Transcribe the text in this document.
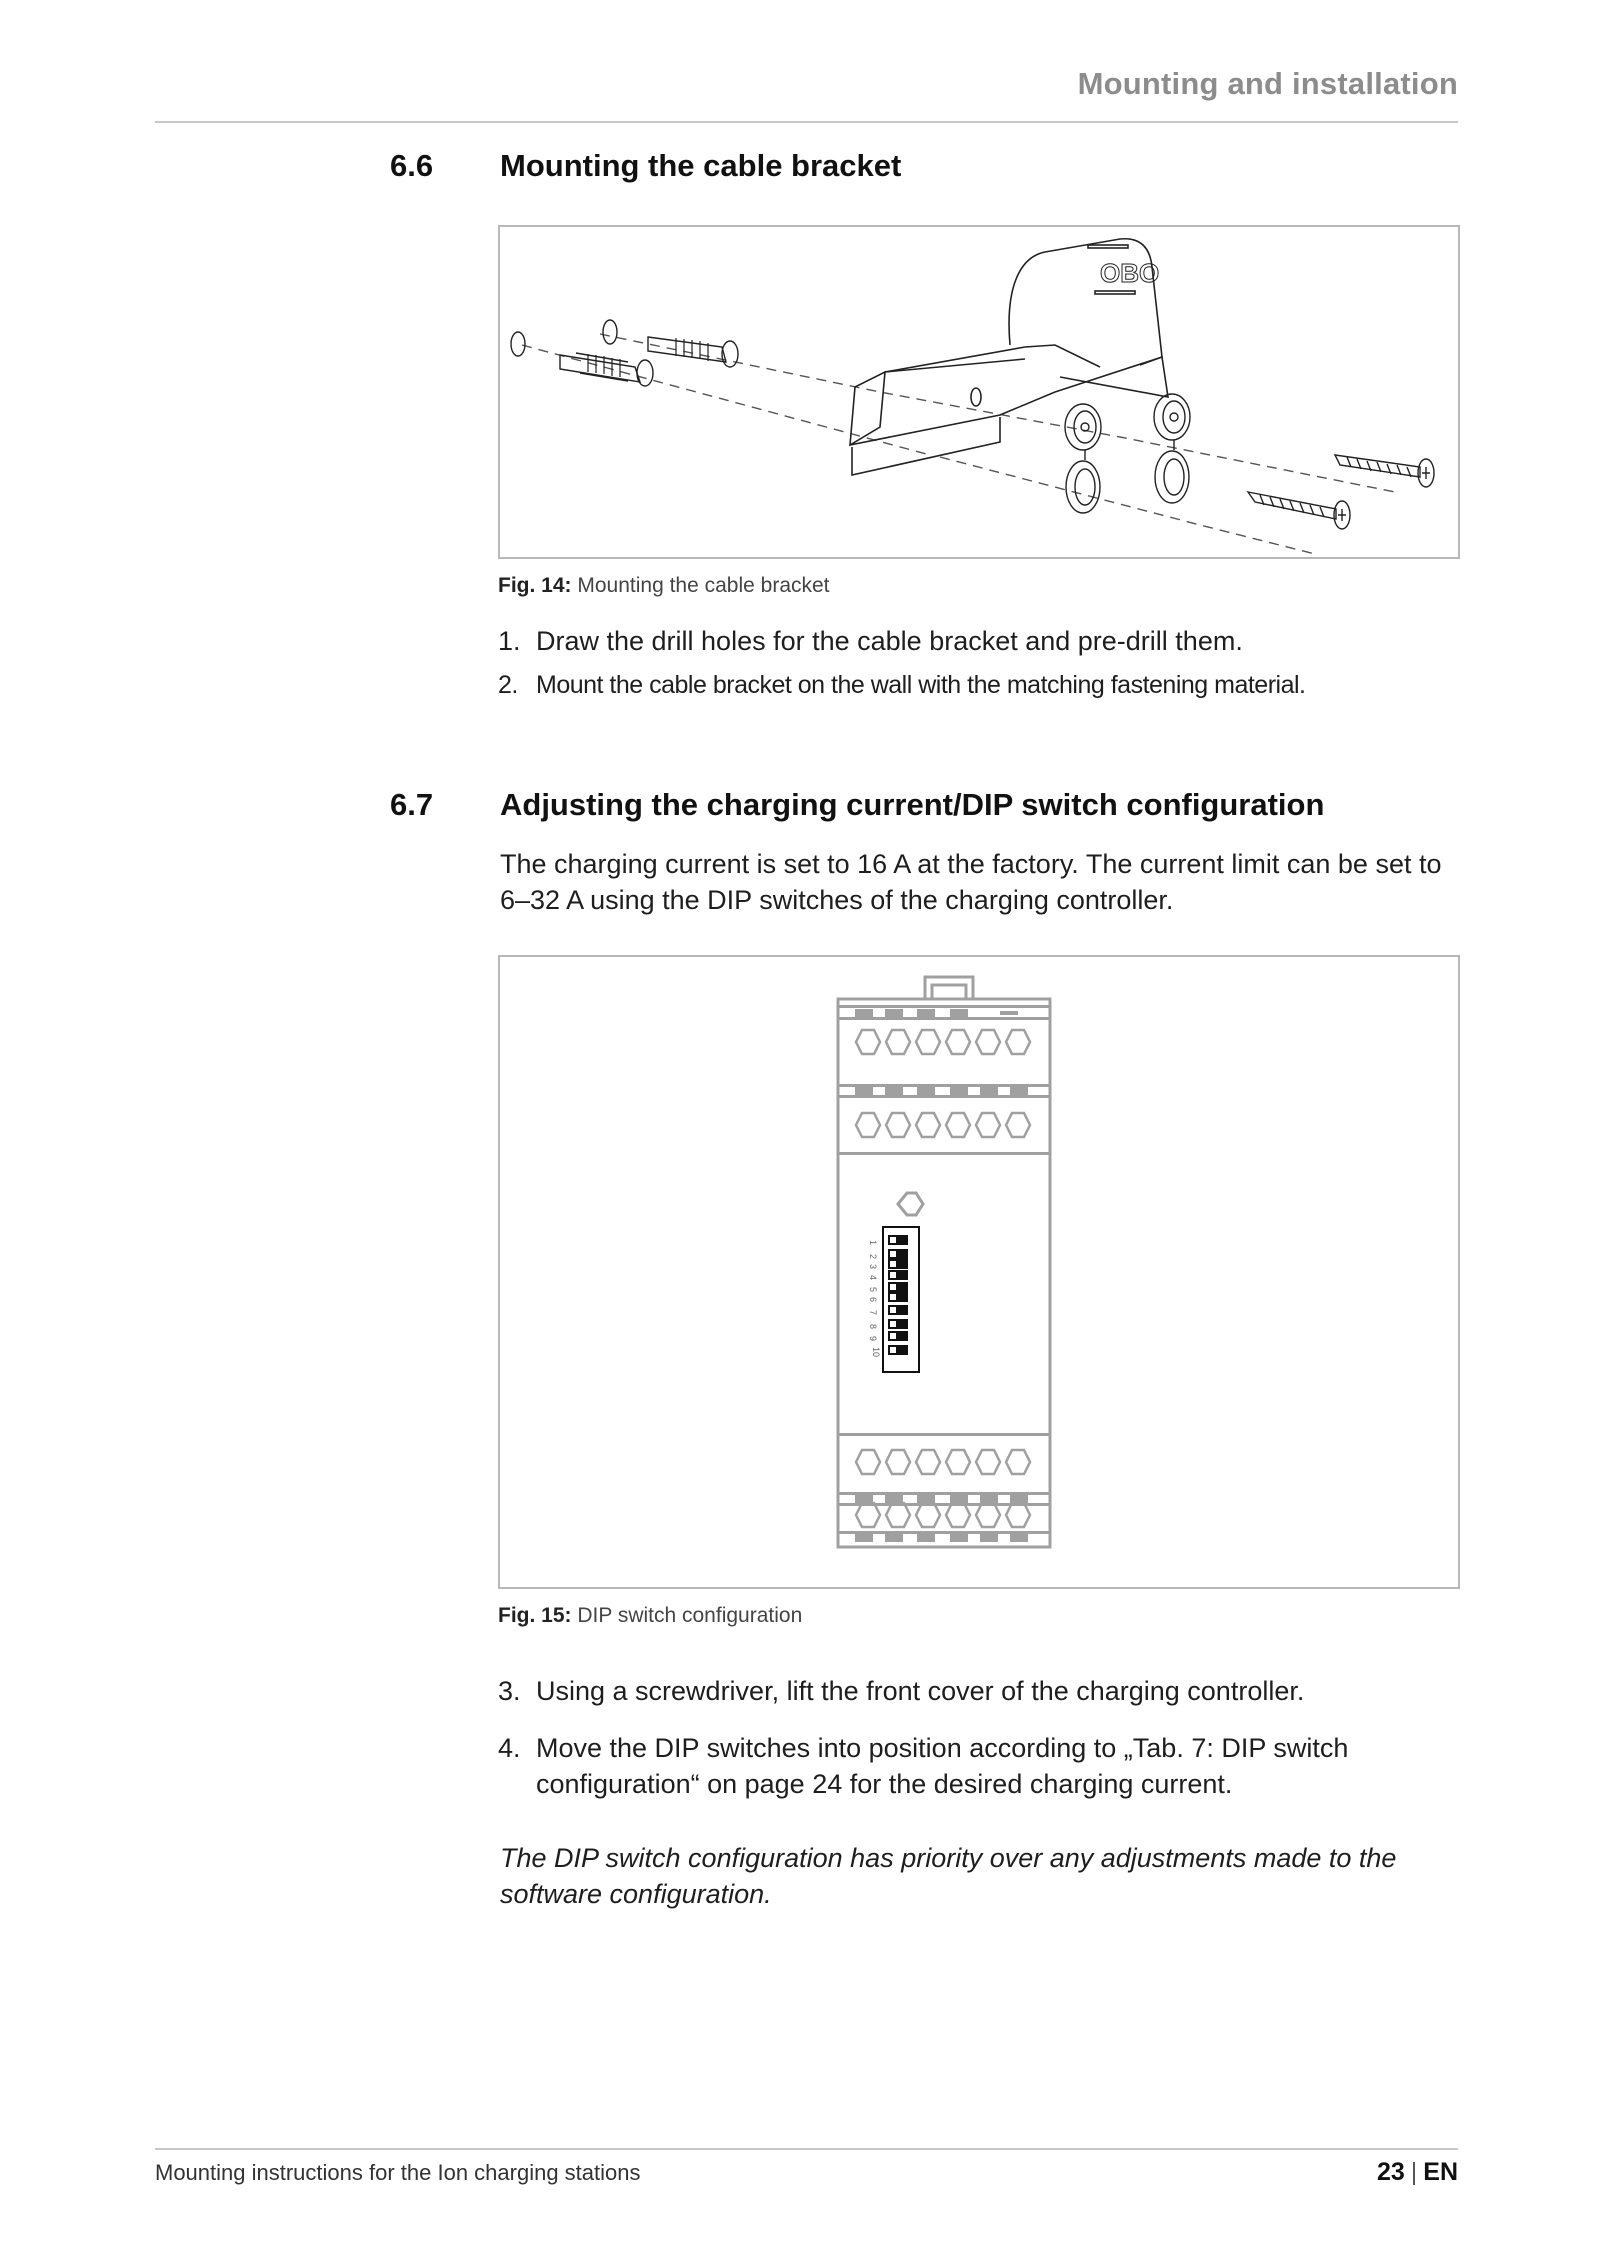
Mounting and installation
6.6 Mounting the cable bracket
OBO
Fig. 14: Mounting the cable bracket
1. Draw the drill holes for the cable bracket and pre-drill them.
2. Mount the cable bracket on the wall with the matching fastening material.
6.7 Adjusting the charging current/DIP switch configuration
The charging current is set to 16 A at the factory. The current limit can be set to 6–32 A using the DIP switches of the charging controller.
1
2
3
4
5
6
7
8
9
10
Fig. 15: DIP switch configuration
3. Using a screwdriver, lift the front cover of the charging controller.
4. Move the DIP switches into position according to „Tab. 7: DIP switch configuration“ on page 24 for the desired charging current.
The DIP switch configuration has priority over any adjustments made to the software configuration.
Mounting instructions for the Ion charging stations	23 | EN
